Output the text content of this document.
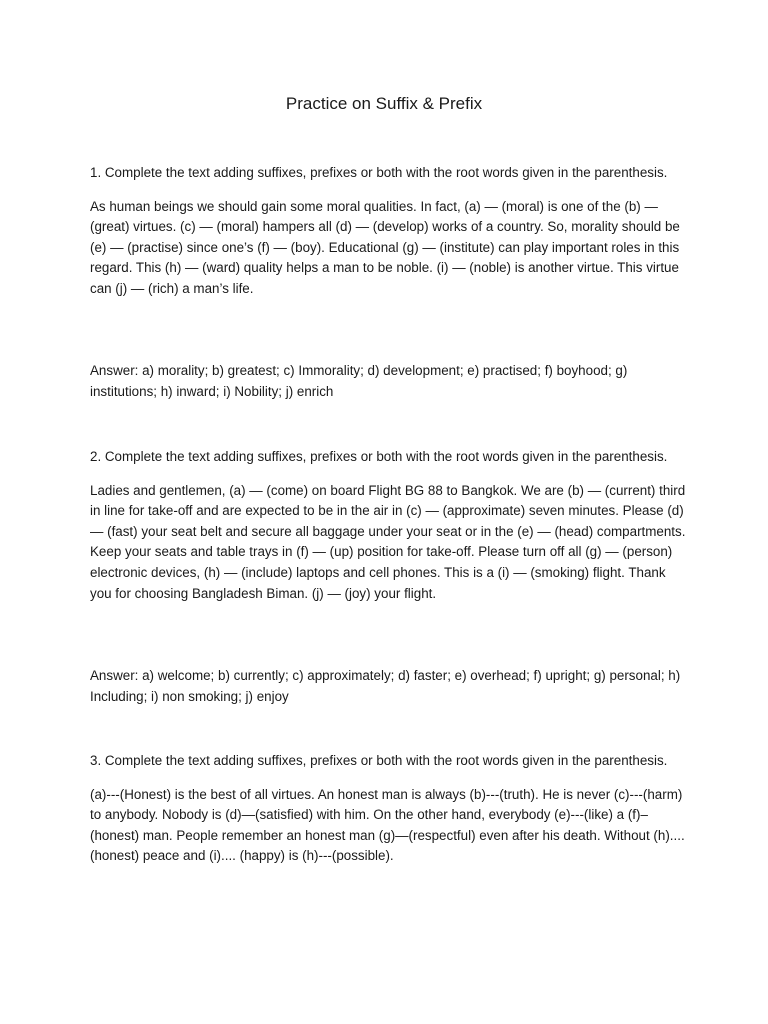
Practice on Suffix & Prefix

1. Complete the text adding suffixes, prefixes or both with the root words given in the parenthesis.

As human beings we should gain some moral qualities. In fact, (a) — (moral) is one of the (b) —(great) virtues. (c) — (moral) hampers all (d) — (develop) works of a country. So, morality should be (e) — (practise) since one’s (f) — (boy). Educational (g) — (institute) can play important roles in this regard. This (h) — (ward) quality helps a man to be noble. (i) — (noble) is another virtue. This virtue can (j) — (rich) a man’s life.

Answer: a) morality; b) greatest; c) Immorality; d) development; e) practised; f) boyhood; g) institutions; h) inward; i) Nobility; j) enrich

2. Complete the text adding suffixes, prefixes or both with the root words given in the parenthesis.

Ladies and gentlemen, (a) — (come) on board Flight BG 88 to Bangkok. We are (b) — (current) third in line for take-off and are expected to be in the air in (c) — (approximate) seven minutes. Please (d) — (fast) your seat belt and secure all baggage under your seat or in the (e) — (head) compartments. Keep your seats and table trays in (f) — (up) position for take-off. Please turn off all (g) — (person) electronic devices, (h) — (include) laptops and cell phones. This is a (i) — (smoking) flight. Thank you for choosing Bangladesh Biman. (j) — (joy) your flight.

Answer: a) welcome; b) currently; c) approximately; d) faster; e) overhead; f) upright; g) personal; h) Including; i) non smoking; j) enjoy

3. Complete the text adding suffixes, prefixes or both with the root words given in the parenthesis.

(a)---(Honest) is the best of all virtues. An honest man is always (b)---(truth). He is never (c)---(harm) to anybody. Nobody is (d)—(satisfied) with him. On the other hand, everybody (e)---(like) a (f)–(honest) man. People remember an honest man (g)—(respectful) even after his death. Without (h)....(honest) peace and (i).... (happy) is (h)---(possible).
